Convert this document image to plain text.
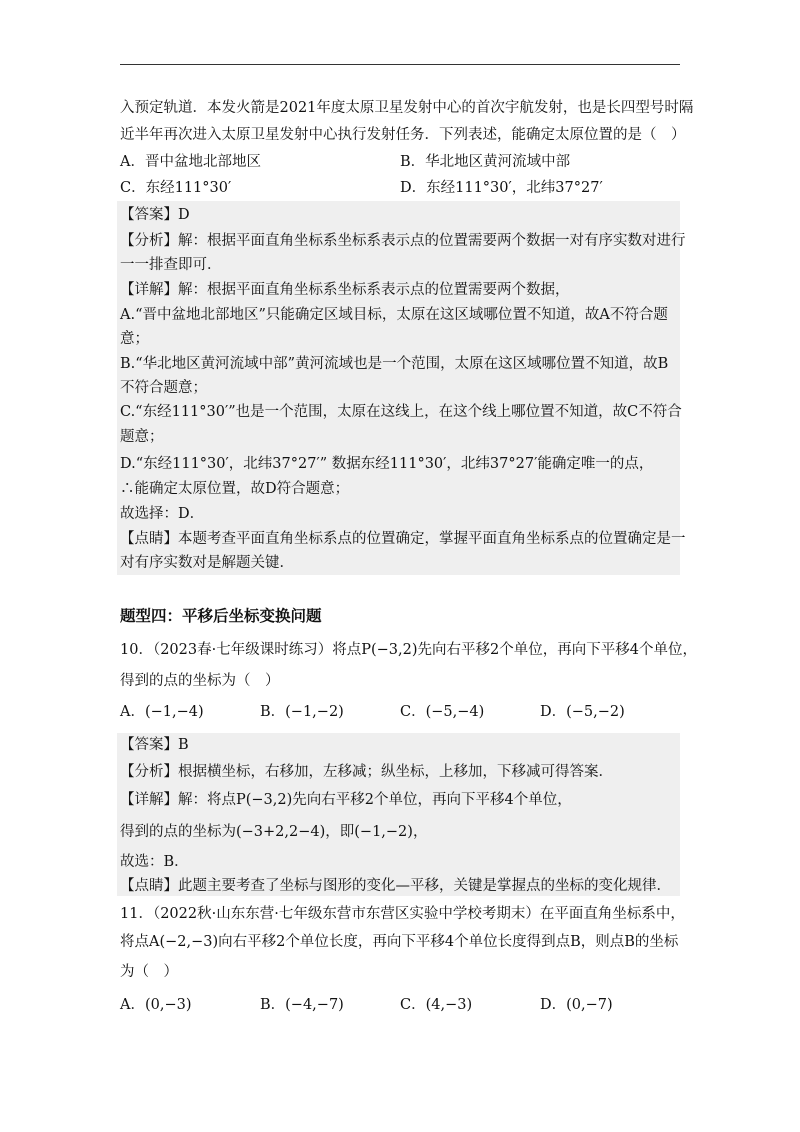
入预定轨道．本发火箭是2021年度太原卫星发射中心的首次宇航发射，也是长四型号时隔
近半年再次进入太原卫星发射中心执行发射任务．下列表述，能确定太原位置的是（　）
A．晋中盆地北部地区	B．华北地区黄河流域中部
C．东经111°30′	D．东经111°30′，北纬37°27′
【答案】D
【分析】解：根据平面直角坐标系坐标系表示点的位置需要两个数据一对有序实数对进行
一一排查即可．
【详解】解：根据平面直角坐标系坐标系表示点的位置需要两个数据，
A.“晋中盆地北部地区”只能确定区域目标，太原在这区域哪位置不知道，故A不符合题
意；
B.“华北地区黄河流域中部”黄河流域也是一个范围，太原在这区域哪位置不知道，故B
不符合题意；
C.“东经111°30′”也是一个范围，太原在这线上，在这个线上哪位置不知道，故C不符合
题意；
D.“东经111°30′，北纬37°27′” 数据东经111°30′，北纬37°27′能确定唯一的点，
∴能确定太原位置，故D符合题意；
故选择：D．
【点睛】本题考查平面直角坐标系点的位置确定，掌握平面直角坐标系点的位置确定是一
对有序实数对是解题关键．
题型四：平移后坐标变换问题
10．（2023春·七年级课时练习）将点P(−3,2)先向右平移2个单位，再向下平移4个单位，
得到的点的坐标为（　）
A．(−1,−4)	B．(−1,−2)	C．(−5,−4)	D．(−5,−2)
【答案】B
【分析】根据横坐标，右移加，左移减；纵坐标，上移加，下移减可得答案．
【详解】解：将点P(−3,2)先向右平移2个单位，再向下平移4个单位，
得到的点的坐标为(−3+2,2−4)，即(−1,−2)，
故选：B．
【点睛】此题主要考查了坐标与图形的变化—平移，关键是掌握点的坐标的变化规律．
11．（2022秋·山东东营·七年级东营市东营区实验中学校考期末）在平面直角坐标系中，
将点A(−2,−3)向右平移2个单位长度，再向下平移4个单位长度得到点B，则点B的坐标
为（　）
A．(0,−3)	B．(−4,−7)	C．(4,−3)	D．(0,−7)
